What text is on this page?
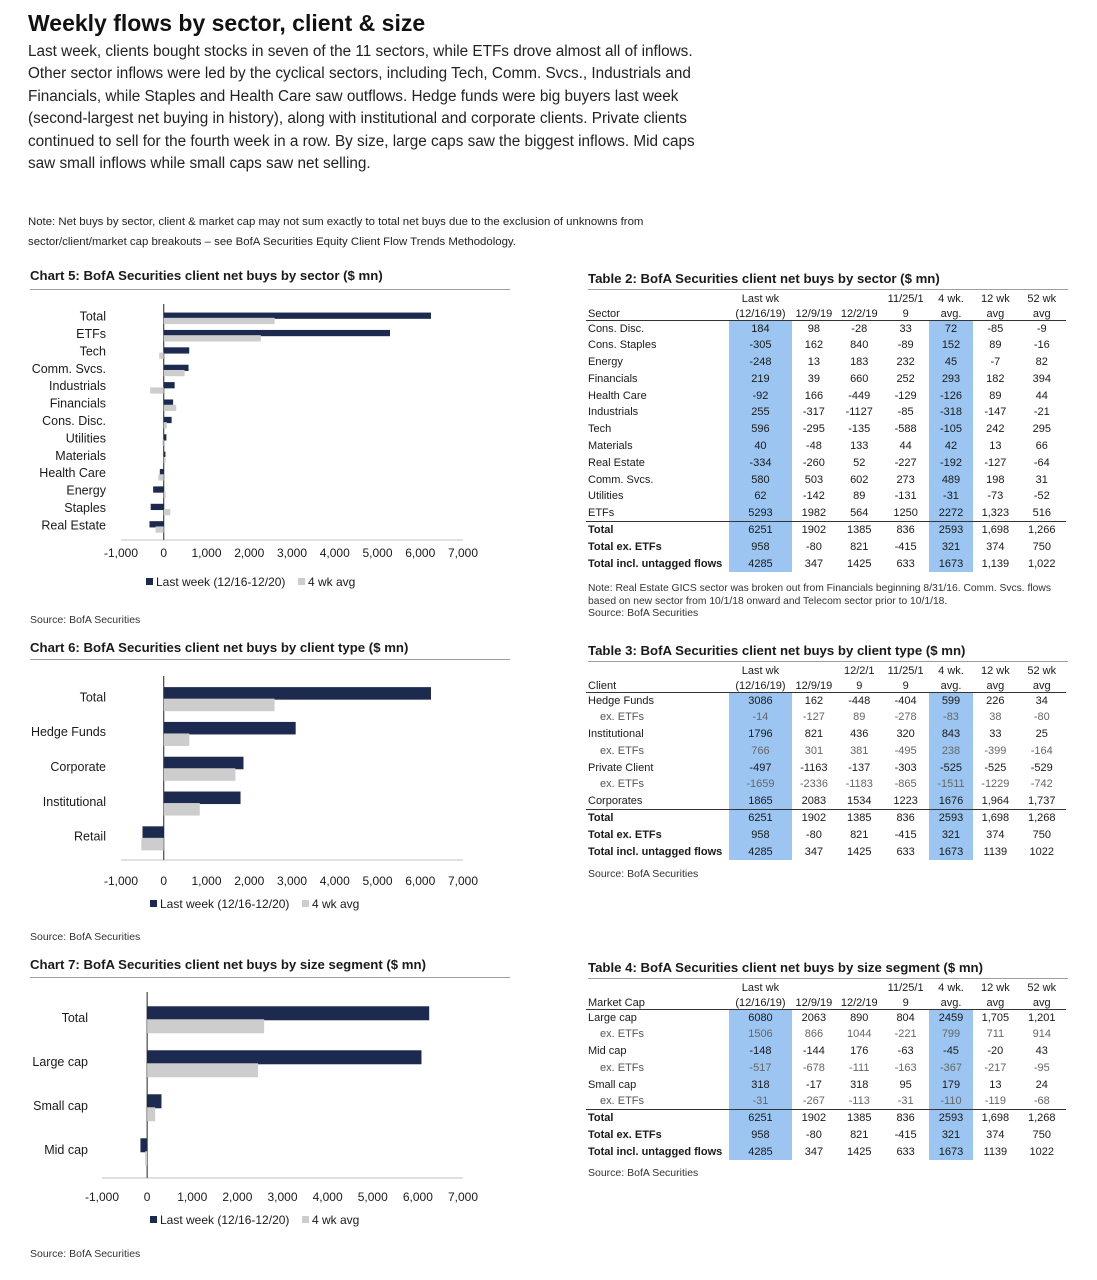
Weekly flows by sector, client & size
Last week, clients bought stocks in seven of the 11 sectors, while ETFs drove almost all of inflows. Other sector inflows were led by the cyclical sectors, including Tech, Comm. Svcs., Industrials and Financials, while Staples and Health Care saw outflows. Hedge funds were big buyers last week (second-largest net buying in history), along with institutional and corporate clients. Private clients continued to sell for the fourth week in a row. By size, large caps saw the biggest inflows. Mid caps saw small inflows while small caps saw net selling.
Note: Net buys by sector, client & market cap may not sum exactly to total net buys due to the exclusion of unknowns from sector/client/market cap breakouts – see BofA Securities Equity Client Flow Trends Methodology.
Chart 5: BofA Securities client net buys by sector ($ mn)
Total
ETFs
Tech
Comm. Svcs.
Industrials
Financials
Cons. Disc.
Utilities
Materials
Health Care
Energy
Staples
Real Estate
-1,000 0 1,000 2,000 3,000 4,000 5,000 6,000 7,000
Last week (12/16-12/20) 4 wk avg
Source: BofA Securities
Chart 6: BofA Securities client net buys by client type ($ mn)
Total
Hedge Funds
Corporate
Institutional
Retail
-1,000 0 1,000 2,000 3,000 4,000 5,000 6,000 7,000
Last week (12/16-12/20) 4 wk avg
Source: BofA Securities
Chart 7: BofA Securities client net buys by size segment ($ mn)
Total
Large cap
Small cap
Mid cap
-1,000 0 1,000 2,000 3,000 4,000 5,000 6,000 7,000
Last week (12/16-12/20) 4 wk avg
Source: BofA Securities
Table 2: BofA Securities client net buys by sector ($ mn)
	Last wk			11/25/1	4 wk.	12 wk	52 wk
Sector	(12/16/19)	12/9/19	12/2/19	9	avg.	avg	avg
Cons. Disc.	184	98	-28	33	72	-85	-9
Cons. Staples	-305	162	840	-89	152	89	-16
Energy	-248	13	183	232	45	-7	82
Financials	219	39	660	252	293	182	394
Health Care	-92	166	-449	-129	-126	89	44
Industrials	255	-317	-1127	-85	-318	-147	-21
Tech	596	-295	-135	-588	-105	242	295
Materials	40	-48	133	44	42	13	66
Real Estate	-334	-260	52	-227	-192	-127	-64
Comm. Svcs.	580	503	602	273	489	198	31
Utilities	62	-142	89	-131	-31	-73	-52
ETFs	5293	1982	564	1250	2272	1,323	516
Total	6251	1902	1385	836	2593	1,698	1,266
Total ex. ETFs	958	-80	821	-415	321	374	750
Total incl. untagged flows	4285	347	1425	633	1673	1,139	1,022
Note: Real Estate GICS sector was broken out from Financials beginning 8/31/16. Comm. Svcs. flows based on new sector from 10/1/18 onward and Telecom sector prior to 10/1/18.
Source: BofA Securities
Table 3: BofA Securities client net buys by client type ($ mn)
	Last wk		12/2/1	11/25/1	4 wk.	12 wk	52 wk
Client	(12/16/19)	12/9/19	9	9	avg.	avg	avg
Hedge Funds	3086	162	-448	-404	599	226	34
ex. ETFs	-14	-127	89	-278	-83	38	-80
Institutional	1796	821	436	320	843	33	25
ex. ETFs	766	301	381	-495	238	-399	-164
Private Client	-497	-1163	-137	-303	-525	-525	-529
ex. ETFs	-1659	-2336	-1183	-865	-1511	-1229	-742
Corporates	1865	2083	1534	1223	1676	1,964	1,737
Total	6251	1902	1385	836	2593	1,698	1,268
Total ex. ETFs	958	-80	821	-415	321	374	750
Total incl. untagged flows	4285	347	1425	633	1673	1139	1022
Source: BofA Securities
Table 4: BofA Securities client net buys by size segment ($ mn)
	Last wk			11/25/1	4 wk.	12 wk	52 wk
Market Cap	(12/16/19)	12/9/19	12/2/19	9	avg.	avg	avg
Large cap	6080	2063	890	804	2459	1,705	1,201
ex. ETFs	1506	866	1044	-221	799	711	914
Mid cap	-148	-144	176	-63	-45	-20	43
ex. ETFs	-517	-678	-111	-163	-367	-217	-95
Small cap	318	-17	318	95	179	13	24
ex. ETFs	-31	-267	-113	-31	-110	-119	-68
Total	6251	1902	1385	836	2593	1,698	1,268
Total ex. ETFs	958	-80	821	-415	321	374	750
Total incl. untagged flows	4285	347	1425	633	1673	1139	1022
Source: BofA Securities
